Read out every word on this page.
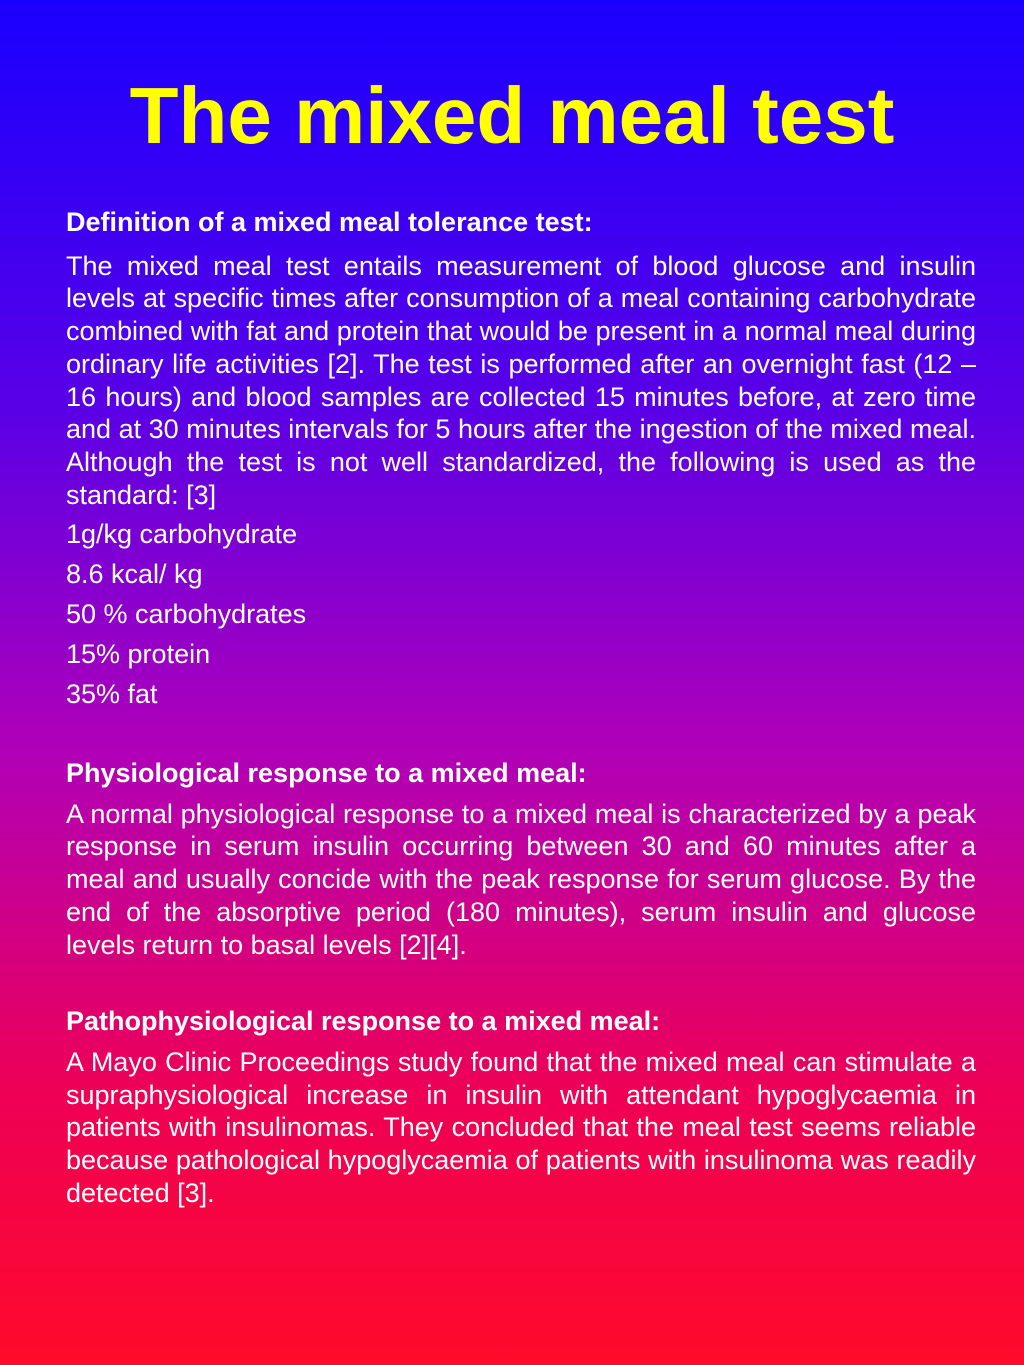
The mixed meal test

Definition of a mixed meal tolerance test:

The mixed meal test entails measurement of blood glucose and insulin levels at specific times after consumption of a meal containing carbohydrate combined with fat and protein that would be present in a normal meal during ordinary life activities [2]. The test is performed after an overnight fast (12 – 16 hours) and blood samples are collected 15 minutes before, at zero time and at 30 minutes intervals for 5 hours after the ingestion of the mixed meal. Although the test is not well standardized, the following is used as the standard: [3]

1g/kg carbohydrate

8.6 kcal/ kg

50 % carbohydrates

15% protein

35% fat

Physiological response to a mixed meal:

A normal physiological response to a mixed meal is characterized by a peak response in serum insulin occurring between 30 and 60 minutes after a meal and usually concide with the peak response for serum glucose. By the end of the absorptive period (180 minutes), serum insulin and glucose levels return to basal levels [2][4].

Pathophysiological response to a mixed meal:

A Mayo Clinic Proceedings study found that the mixed meal can stimulate a supraphysiological increase in insulin with attendant hypoglycaemia in patients with insulinomas. They concluded that the meal test seems reliable because pathological hypoglycaemia of patients with insulinoma was readily detected [3].
